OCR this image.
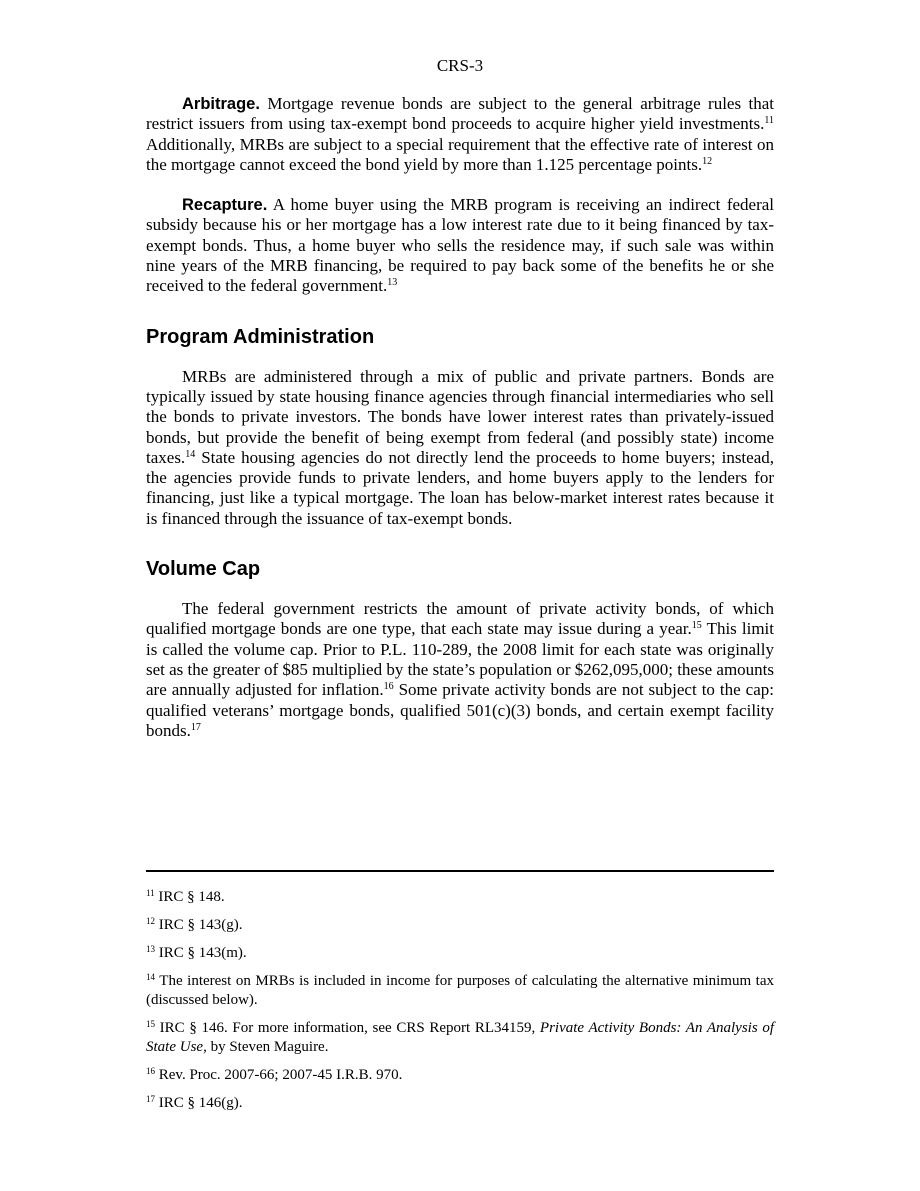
CRS-3

Arbitrage. Mortgage revenue bonds are subject to the general arbitrage rules that restrict issuers from using tax-exempt bond proceeds to acquire higher yield investments.$^{11}$ Additionally, MRBs are subject to a special requirement that the effective rate of interest on the mortgage cannot exceed the bond yield by more than 1.125 percentage points.$^{12}$

Recapture. A home buyer using the MRB program is receiving an indirect federal subsidy because his or her mortgage has a low interest rate due to it being financed by tax-exempt bonds. Thus, a home buyer who sells the residence may, if such sale was within nine years of the MRB financing, be required to pay back some of the benefits he or she received to the federal government.$^{13}$

Program Administration

MRBs are administered through a mix of public and private partners. Bonds are typically issued by state housing finance agencies through financial intermediaries who sell the bonds to private investors. The bonds have lower interest rates than privately-issued bonds, but provide the benefit of being exempt from federal (and possibly state) income taxes.$^{14}$ State housing agencies do not directly lend the proceeds to home buyers; instead, the agencies provide funds to private lenders, and home buyers apply to the lenders for financing, just like a typical mortgage. The loan has below-market interest rates because it is financed through the issuance of tax-exempt bonds.

Volume Cap

The federal government restricts the amount of private activity bonds, of which qualified mortgage bonds are one type, that each state may issue during a year.$^{15}$ This limit is called the volume cap. Prior to P.L. 110-289, the 2008 limit for each state was originally set as the greater of $85 multiplied by the state’s population or $262,095,000; these amounts are annually adjusted for inflation.$^{16}$ Some private activity bonds are not subject to the cap: qualified veterans’ mortgage bonds, qualified 501(c)(3) bonds, and certain exempt facility bonds.$^{17}$

$^{11}$ IRC § 148.

$^{12}$ IRC § 143(g).

$^{13}$ IRC § 143(m).

$^{14}$ The interest on MRBs is included in income for purposes of calculating the alternative minimum tax (discussed below).

$^{15}$ IRC § 146. For more information, see CRS Report RL34159, Private Activity Bonds: An Analysis of State Use, by Steven Maguire.

$^{16}$ Rev. Proc. 2007-66; 2007-45 I.R.B. 970.

$^{17}$ IRC § 146(g).
